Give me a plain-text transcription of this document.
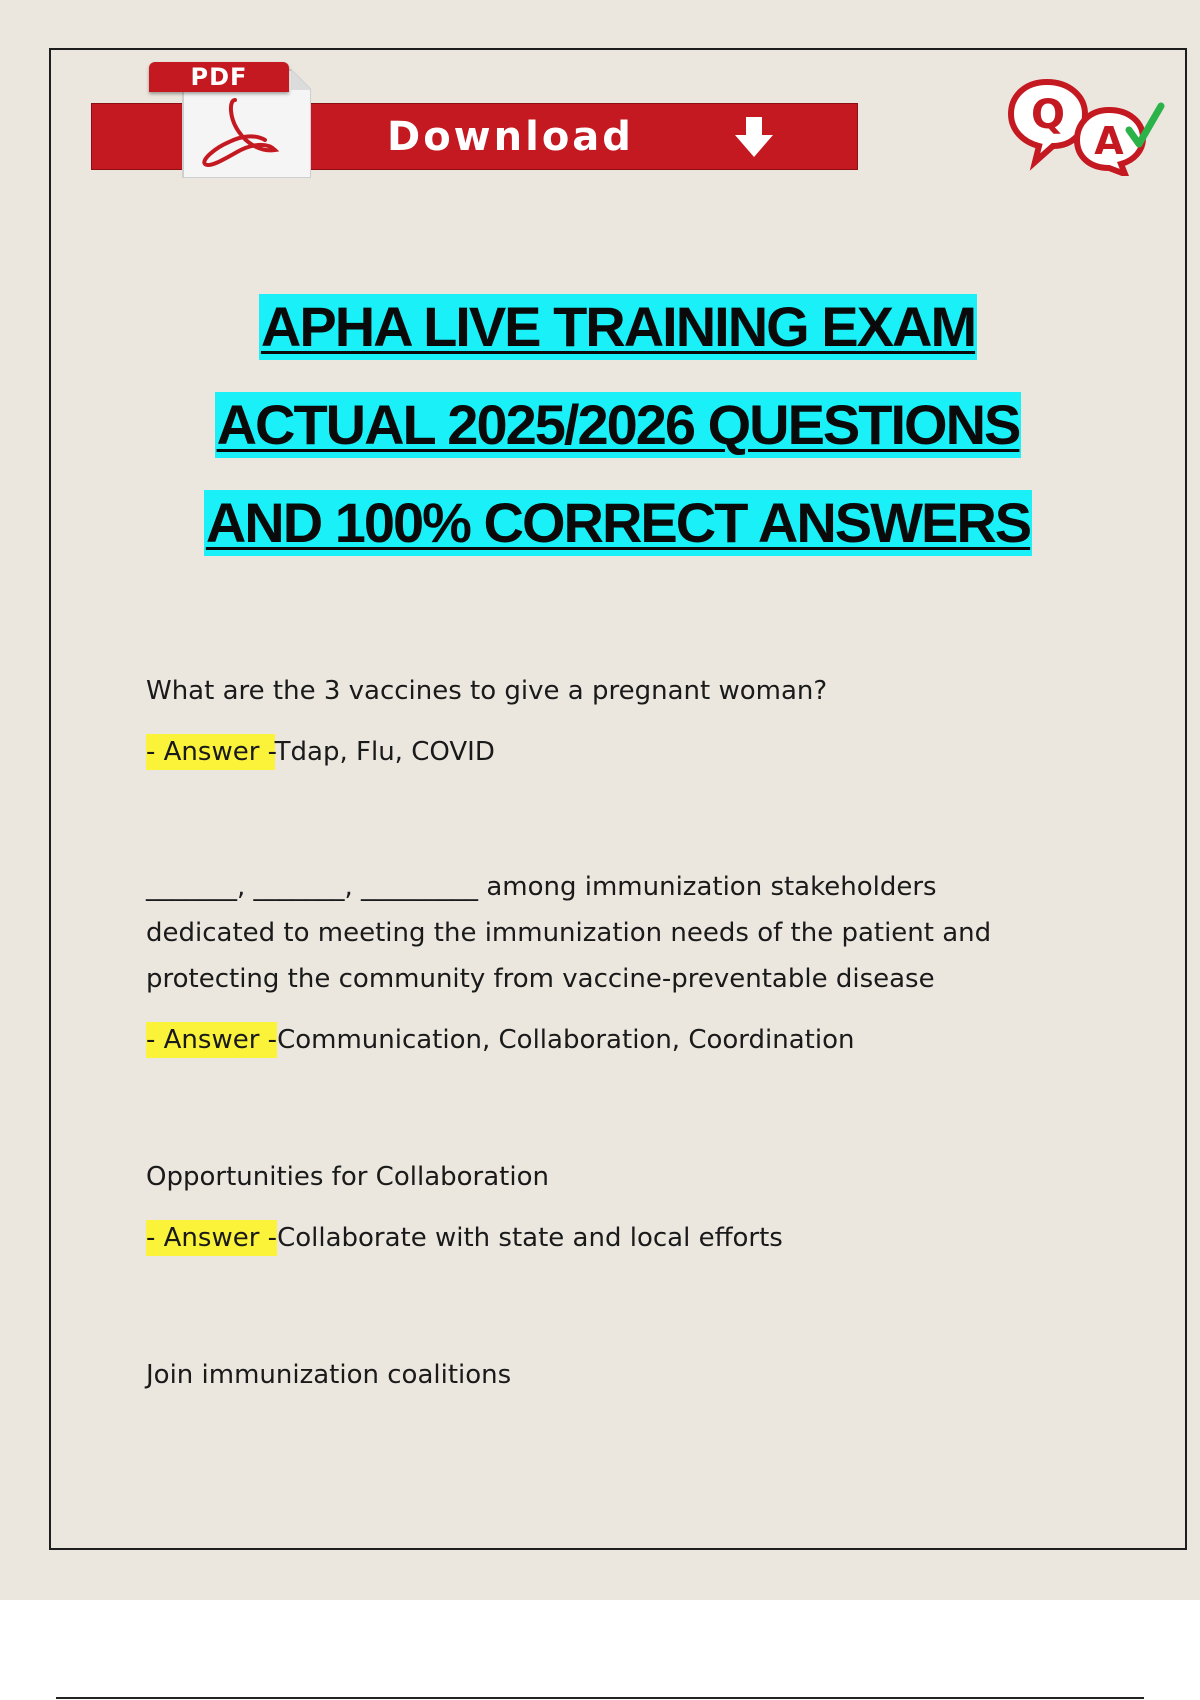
Download
PDF
Q
A
APHA LIVE TRAINING EXAM
ACTUAL 2025/2026 QUESTIONS
AND 100% CORRECT ANSWERS

What are the 3 vaccines to give a pregnant woman?

- Answer -Tdap, Flu, COVID

_______, _______, _________ among immunization stakeholders dedicated to meeting the immunization needs of the patient and protecting the community from vaccine-preventable disease

- Answer -Communication, Collaboration, Coordination

Opportunities for Collaboration

- Answer -Collaborate with state and local efforts

Join immunization coalitions
